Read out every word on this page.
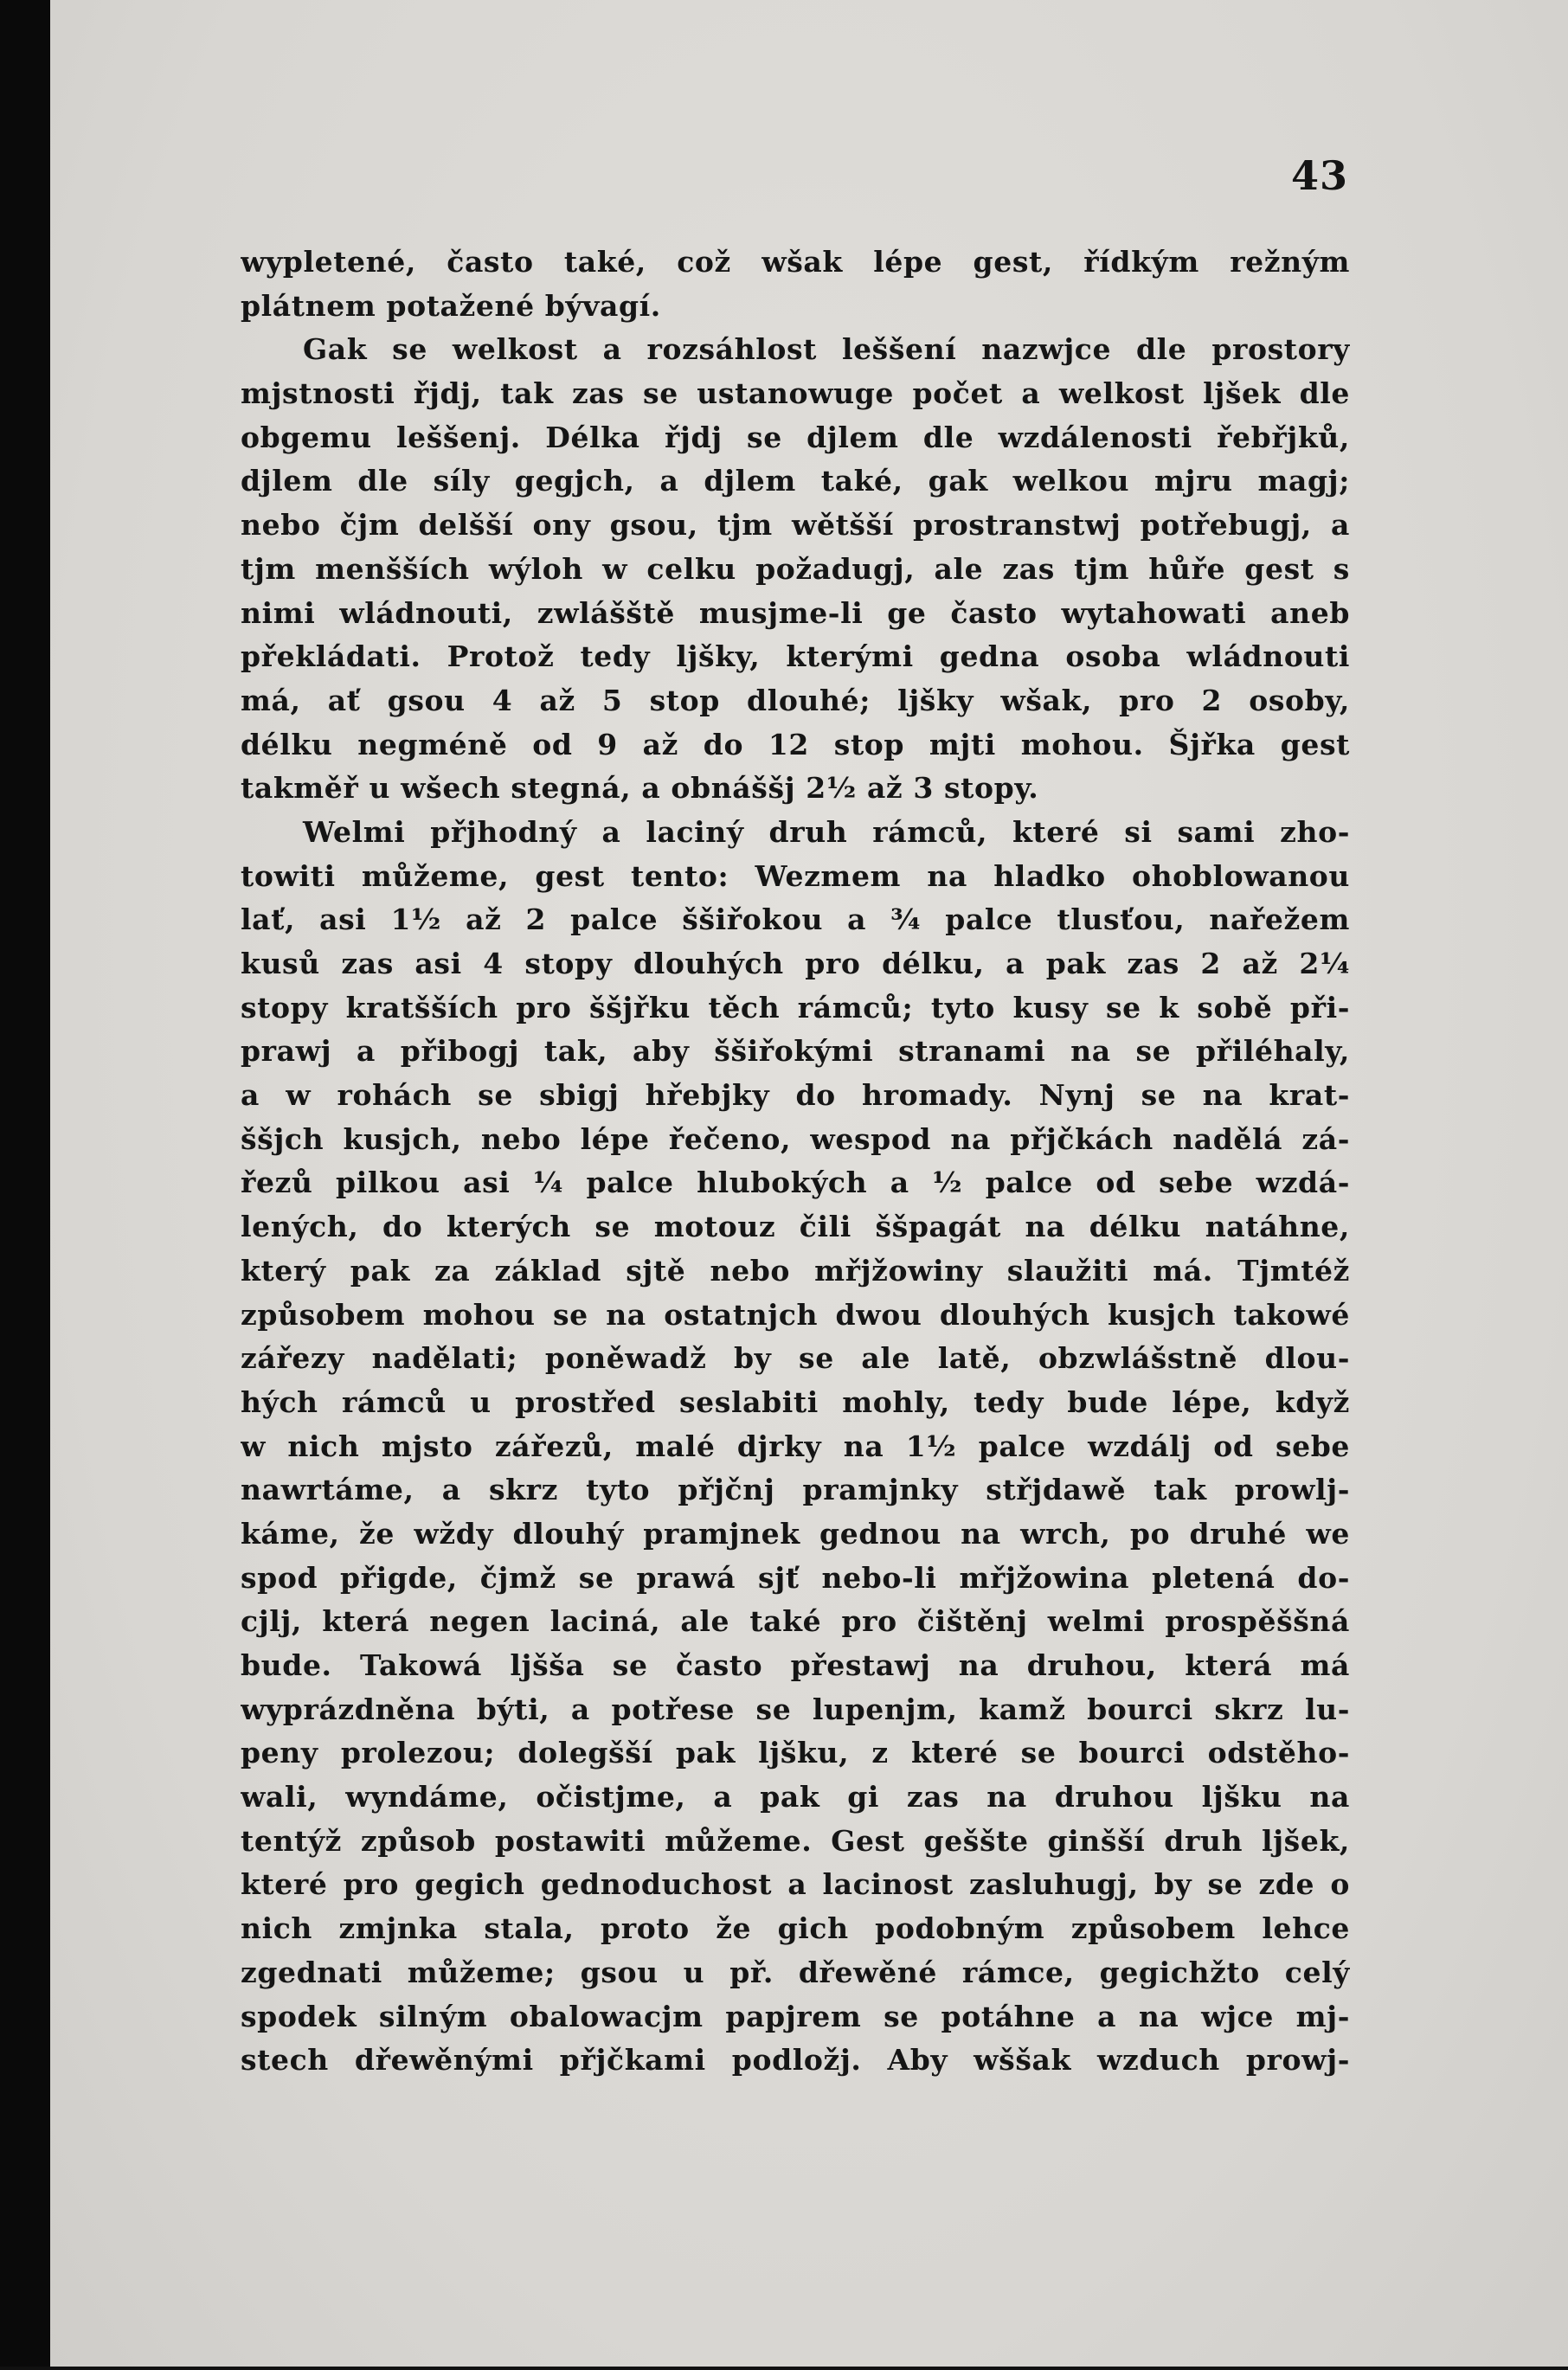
43
wypletené, často také, což wšak lépe gest, řídkým režným
plátnem potažené bývagí.
Gak se welkost a rozsáhlost leššení nazwjce dle prostory
mjstnosti řjdj, tak zas se ustanowuge počet a welkost ljšek dle
obgemu leššenj. Délka řjdj se djlem dle wzdálenosti řebřjků,
djlem dle síly gegjch, a djlem také, gak welkou mjru magj;
nebo čjm delšší ony gsou, tjm wětšší prostranstwj potřebugj, a
tjm menšších wýloh w celku požadugj, ale zas tjm hůře gest s
nimi wládnouti, zwlášště musjme-li ge často wytahowati aneb
překládati. Protož tedy ljšky, kterými gedna osoba wládnouti
má, ať gsou 4 až 5 stop dlouhé; ljšky wšak, pro 2 osoby,
délku negméně od 9 až do 12 stop mjti mohou. Šjřka gest
takměř u wšech stegná, a obnáššj 2½ až 3 stopy.
Welmi přjhodný a laciný druh rámců, které si sami zho-
towiti můžeme, gest tento: Wezmem na hladko ohoblowanou
lať, asi 1½ až 2 palce ššiřokou a ¾ palce tlusťou, nařežem
kusů zas asi 4 stopy dlouhých pro délku, a pak zas 2 až 2¼
stopy kratšších pro ššjřku těch rámců; tyto kusy se k sobě při-
prawj a přibogj tak, aby ššiřokými stranami na se přiléhaly,
a w rohách se sbigj hřebjky do hromady. Nynj se na krat-
ššjch kusjch, nebo lépe řečeno, wespod na přjčkách nadělá zá-
řezů pilkou asi ¼ palce hlubokých a ½ palce od sebe wzdá-
lených, do kterých se motouz čili ššpagát na délku natáhne,
který pak za základ sjtě nebo mřjžowiny slaužiti má. Tjmtéž
způsobem mohou se na ostatnjch dwou dlouhých kusjch takowé
zářezy nadělati; poněwadž by se ale latě, obzwlášstně dlou-
hých rámců u prostřed seslabiti mohly, tedy bude lépe, když
w nich mjsto zářezů, malé djrky na 1½ palce wzdálj od sebe
nawrtáme, a skrz tyto přjčnj pramjnky střjdawě tak prowlj-
káme, že wždy dlouhý pramjnek gednou na wrch, po druhé we
spod přigde, čjmž se prawá sjť nebo-li mřjžowina pletená do-
cjlj, která negen laciná, ale také pro čištěnj welmi prospěššná
bude. Takowá ljšša se často přestawj na druhou, která má
wyprázdněna býti, a potřese se lupenjm, kamž bourci skrz lu-
peny prolezou; dolegšší pak ljšku, z které se bourci odstěho-
wali, wyndáme, očistjme, a pak gi zas na druhou ljšku na
tentýž způsob postawiti můžeme. Gest geššte ginšší druh ljšek,
které pro gegich gednoduchost a lacinost zasluhugj, by se zde o
nich zmjnka stala, proto že gich podobným způsobem lehce
zgednati můžeme; gsou u př. dřewěné rámce, gegichžto celý
spodek silným obalowacjm papjrem se potáhne a na wjce mj-
stech dřewěnými přjčkami podložj. Aby wššak wzduch prowj-
